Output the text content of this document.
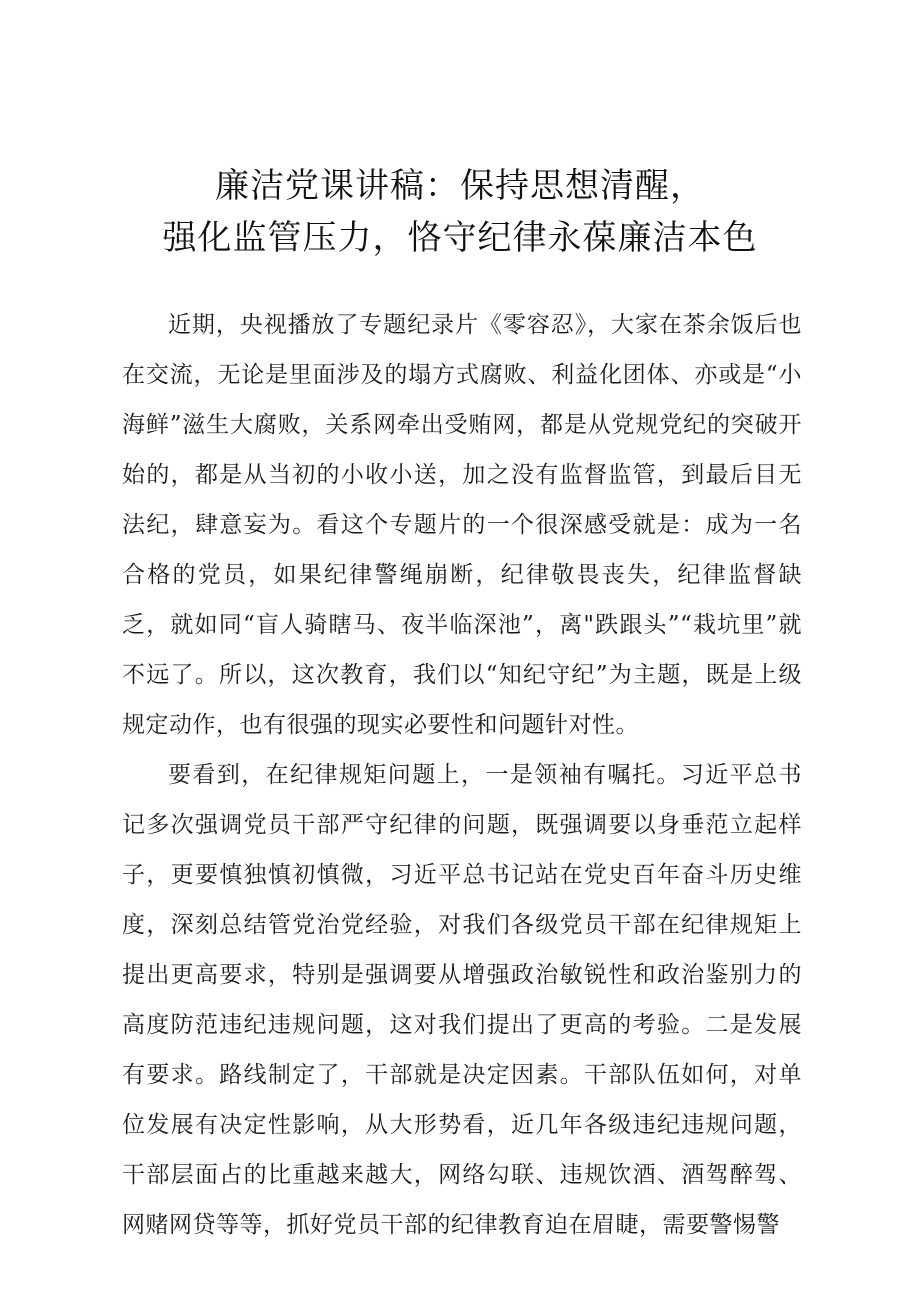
廉洁党课讲稿：保持思想清醒，
强化监管压力，恪守纪律永葆廉洁本色

近期，央视播放了专题纪录片《零容忍》，大家在茶余饭后也在交流，无论是里面涉及的塌方式腐败、利益化团体、亦或是“小海鲜”滋生大腐败，关系网牵出受贿网，都是从党规党纪的突破开始的，都是从当初的小收小送，加之没有监督监管，到最后目无法纪，肆意妄为。看这个专题片的一个很深感受就是：成为一名合格的党员，如果纪律警绳崩断，纪律敬畏丧失，纪律监督缺乏，就如同“盲人骑瞎马、夜半临深池”，离"跌跟头”“栽坑里”就不远了。所以，这次教育，我们以“知纪守纪”为主题，既是上级规定动作，也有很强的现实必要性和问题针对性。

要看到，在纪律规矩问题上，一是领袖有嘱托。习近平总书记多次强调党员干部严守纪律的问题，既强调要以身垂范立起样子，更要慎独慎初慎微，习近平总书记站在党史百年奋斗历史维度，深刻总结管党治党经验，对我们各级党员干部在纪律规矩上提出更高要求，特别是强调要从增强政治敏锐性和政治鉴别力的高度防范违纪违规问题，这对我们提出了更高的考验。二是发展有要求。路线制定了，干部就是决定因素。干部队伍如何，对单位发展有决定性影响，从大形势看，近几年各级违纪违规问题，干部层面占的比重越来越大，网络勾联、违规饮酒、酒驾醉驾、网赌网贷等等，抓好党员干部的纪律教育迫在眉睫，需要警惕警
